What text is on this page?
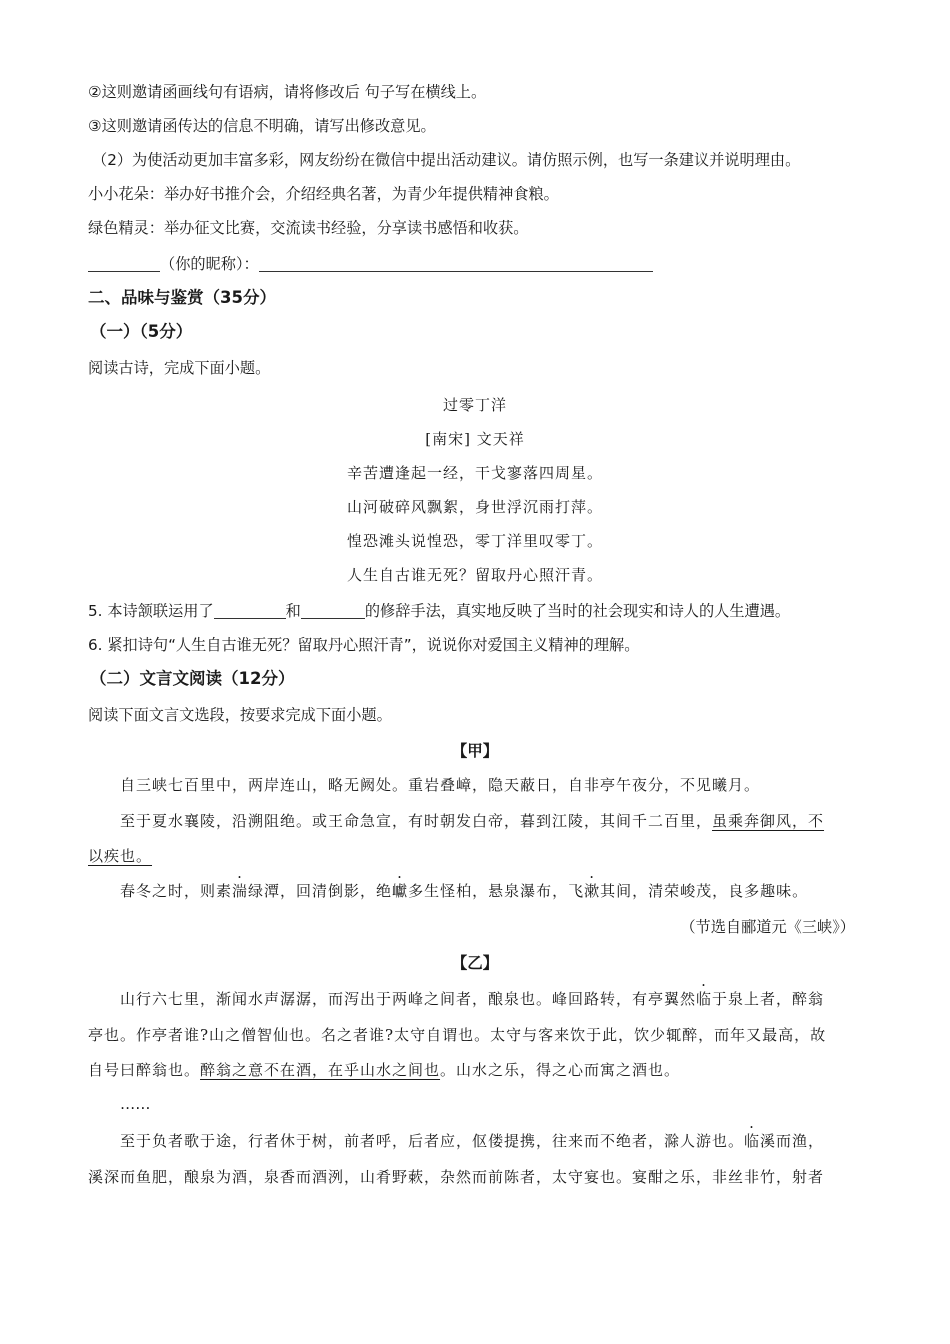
②这则邀请函画线句有语病，请将修改后 句子写在横线上。
③这则邀请函传达的信息不明确，请写出修改意见。
（2）为使活动更加丰富多彩，网友纷纷在微信中提出活动建议。请仿照示例，也写一条建议并说明理由。
小小花朵：举办好书推介会，介绍经典名著，为青少年提供精神食粮。
绿色精灵：举办征文比赛，交流读书经验，分享读书感悟和收获。
（你的昵称）：
二、品味与鉴赏（35分）
（一）（5分）
阅读古诗，完成下面小题。
过零丁洋
[南宋] 文天祥
辛苦遭逢起一经，干戈寥落四周星。
山河破碎风飘絮，身世浮沉雨打萍。
惶恐滩头说惶恐，零丁洋里叹零丁。
人生自古谁无死？留取丹心照汗青。
5. 本诗颔联运用了	和	的修辞手法，真实地反映了当时的社会现实和诗人的人生遭遇。
6. 紧扣诗句“人生自古谁无死？留取丹心照汗青”，说说你对爱国主义精神的理解。
（二）文言文阅读（12分）
阅读下面文言文选段，按要求完成下面小题。
【甲】
自三峡七百里中，两岸连山，略无阙处。重岩叠嶂，隐天蔽日，自非亭午夜分，不见曦月。
至于夏水襄陵，沿溯阻绝。或王命急宣，有时朝发白帝，暮到江陵，其间千二百里，虽乘奔御风，不
以疾也。
春冬之时，则素湍绿潭，回清倒影，绝巘多生怪柏，悬泉瀑布，飞漱其间，清荣峻茂，良多趣味。
（节选自郦道元《三峡》）
【乙】
山行六七里，渐闻水声潺潺，而泻出于两峰之间者，酿泉也。峰回路转，有亭翼然临于泉上者，醉翁
亭也。作亭者谁?山之僧智仙也。名之者谁?太守自谓也。太守与客来饮于此，饮少辄醉，而年又最高，故
自号曰醉翁也。醉翁之意不在酒，在乎山水之间也。山水之乐，得之心而寓之酒也。
……
至于负者歌于途，行者休于树，前者呼，后者应，伛偻提携，往来而不绝者，滁人游也。临溪而渔，
溪深而鱼肥，酿泉为酒，泉香而酒洌，山肴野蔌，杂然而前陈者，太守宴也。宴酣之乐，非丝非竹，射者
